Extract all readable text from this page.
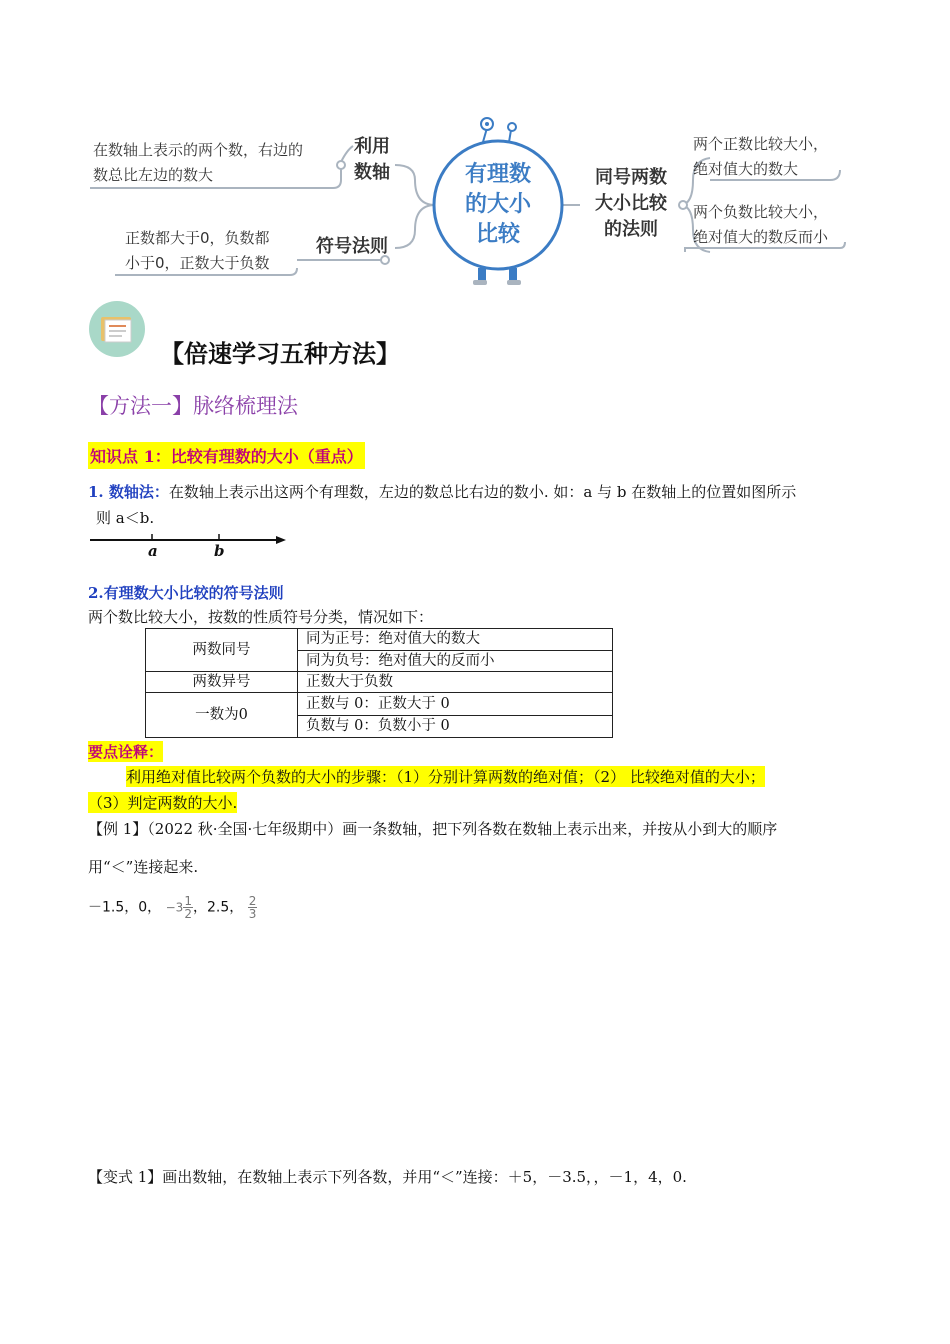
在数轴上表示的两个数，右边的
数总比左边的数大
利用
数轴
正数都大于0，负数都
小于0，正数大于负数
符号法则
有理数
的大小
比较
同号两数
大小比较
的法则
两个正数比较大小，
绝对值大的数大
两个负数比较大小，
绝对值大的数反而小
【倍速学习五种方法】
【方法一】脉络梳理法
知识点 1：比较有理数的大小（重点）
1. 数轴法：在数轴上表示出这两个有理数，左边的数总比右边的数小. 如：a 与 b 在数轴上的位置如图所示
则 a＜b.
a	b
2.有理数大小比较的符号法则
两个数比较大小，按数的性质符号分类，情况如下：
两数同号	同为正号：绝对值大的数大
	同为负号：绝对值大的反而小
两数异号	正数大于负数
一数为0	正数与 0：正数大于 0
	负数与 0：负数小于 0
要点诠释：
利用绝对值比较两个负数的大小的步骤：（1）分别计算两数的绝对值；（2） 比较绝对值的大小；
（3）判定两数的大小.
【例 1】（2022 秋·全国·七年级期中）画一条数轴，把下列各数在数轴上表示出来，并按从小到大的顺序
用“＜”连接起来.
－1.5，0， $-3 \frac{1}{2}$ ，2.5， $\frac{2}{3}$
【变式 1】画出数轴，在数轴上表示下列各数，并用“＜”连接：＋5，－3.5，，－1，4，0.
